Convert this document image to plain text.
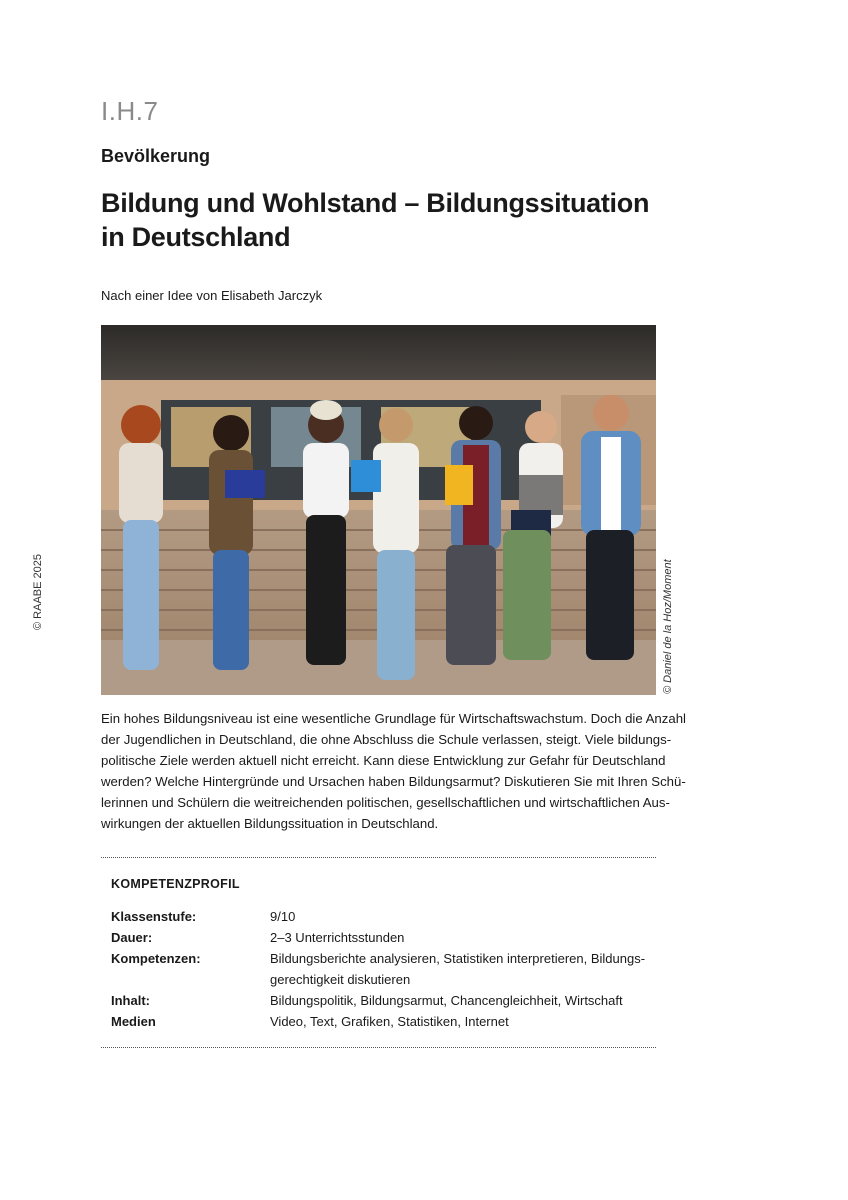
I.H.7
Bevölkerung
Bildung und Wohlstand – Bildungssituation in Deutschland
Nach einer Idee von Elisabeth Jarczyk
© RAABE 2025	© Daniel de la Hoz/Moment
Ein hohes Bildungsniveau ist eine wesentliche Grundlage für Wirtschaftswachstum. Doch die Anzahl
der Jugendlichen in Deutschland, die ohne Abschluss die Schule verlassen, steigt. Viele bildungs-
politische Ziele werden aktuell nicht erreicht. Kann diese Entwicklung zur Gefahr für Deutschland
werden? Welche Hintergründe und Ursachen haben Bildungsarmut? Diskutieren Sie mit Ihren Schü-
lerinnen und Schülern die weitreichenden politischen, gesellschaftlichen und wirtschaftlichen Aus-
wirkungen der aktuellen Bildungssituation in Deutschland.
KOMPETENZPROFIL
Klassenstufe:	9/10
Dauer:	2–3 Unterrichtsstunden
Kompetenzen:	Bildungsberichte analysieren, Statistiken interpretieren, Bildungs-
gerechtigkeit diskutieren
Inhalt:	Bildungspolitik, Bildungsarmut, Chancengleichheit, Wirtschaft
Medien	Video, Text, Grafiken, Statistiken, Internet
